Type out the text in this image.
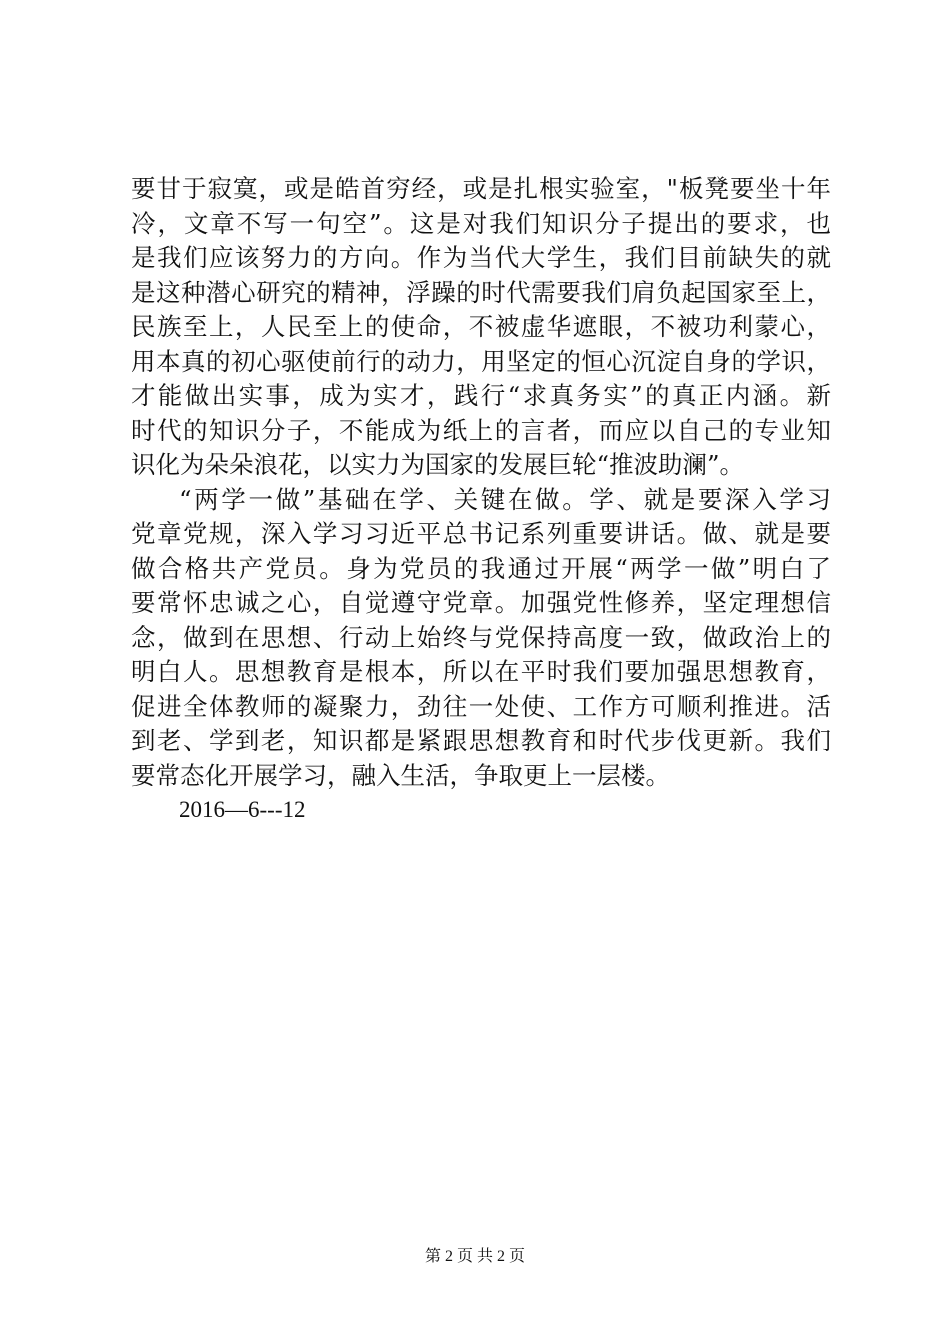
要甘于寂寞，或是皓首穷经，或是扎根实验室，"板凳要坐十年
冷，文章不写一句空”。这是对我们知识分子提出的要求，也
是我们应该努力的方向。作为当代大学生，我们目前缺失的就
是这种潜心研究的精神，浮躁的时代需要我们肩负起国家至上，
民族至上，人民至上的使命，不被虚华遮眼，不被功利蒙心，
用本真的初心驱使前行的动力，用坚定的恒心沉淀自身的学识，
才能做出实事，成为实才，践行“求真务实”的真正内涵。新
时代的知识分子，不能成为纸上的言者，而应以自己的专业知
识化为朵朵浪花，以实力为国家的发展巨轮“推波助澜”。
“两学一做”基础在学、关键在做。学、就是要深入学习
党章党规，深入学习习近平总书记系列重要讲话。做、就是要
做合格共产党员。身为党员的我通过开展“两学一做”明白了
要常怀忠诚之心，自觉遵守党章。加强党性修养，坚定理想信
念，做到在思想、行动上始终与党保持高度一致，做政治上的
明白人。思想教育是根本，所以在平时我们要加强思想教育，
促进全体教师的凝聚力，劲往一处使、工作方可顺利推进。活
到老、学到老，知识都是紧跟思想教育和时代步伐更新。我们
要常态化开展学习，融入生活，争取更上一层楼。
2016—6---12
第 2 页 共 2 页
